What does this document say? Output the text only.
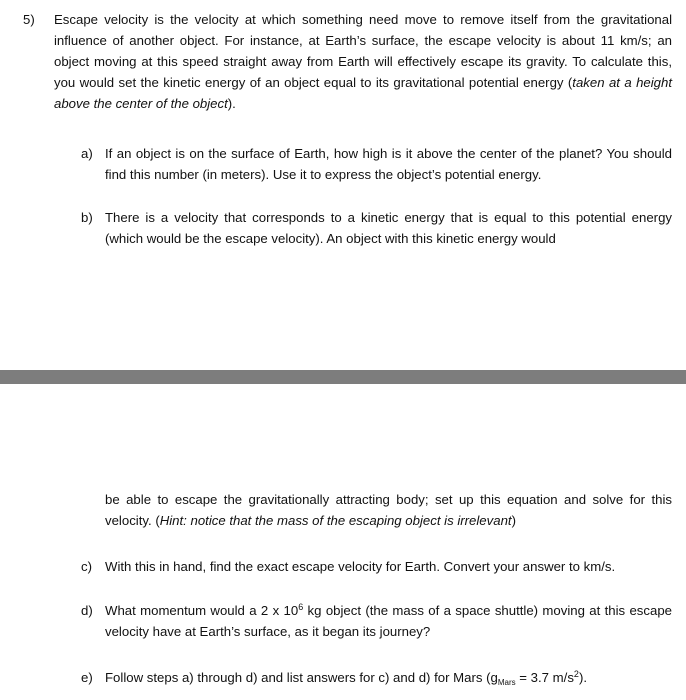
5) Escape velocity is the velocity at which something need move to remove itself from the gravitational influence of another object. For instance, at Earth’s surface, the escape velocity is about 11 km/s; an object moving at this speed straight away from Earth will effectively escape its gravity. To calculate this, you would set the kinetic energy of an object equal to its gravitational potential energy (taken at a height above the center of the object).

a) If an object is on the surface of Earth, how high is it above the center of the planet? You should find this number (in meters). Use it to express the object’s potential energy.

b) There is a velocity that corresponds to a kinetic energy that is equal to this potential energy (which would be the escape velocity). An object with this kinetic energy would

be able to escape the gravitationally attracting body; set up this equation and solve for this velocity. (Hint: notice that the mass of the escaping object is irrelevant)

c) With this in hand, find the exact escape velocity for Earth. Convert your answer to km/s.

d) What momentum would a 2 x $10^6$ kg object (the mass of a space shuttle) moving at this escape velocity have at Earth’s surface, as it began its journey?

e) Follow steps a) through d) and list answers for c) and d) for Mars ($g_{Mars} = 3.7$ $m/s^2$).
